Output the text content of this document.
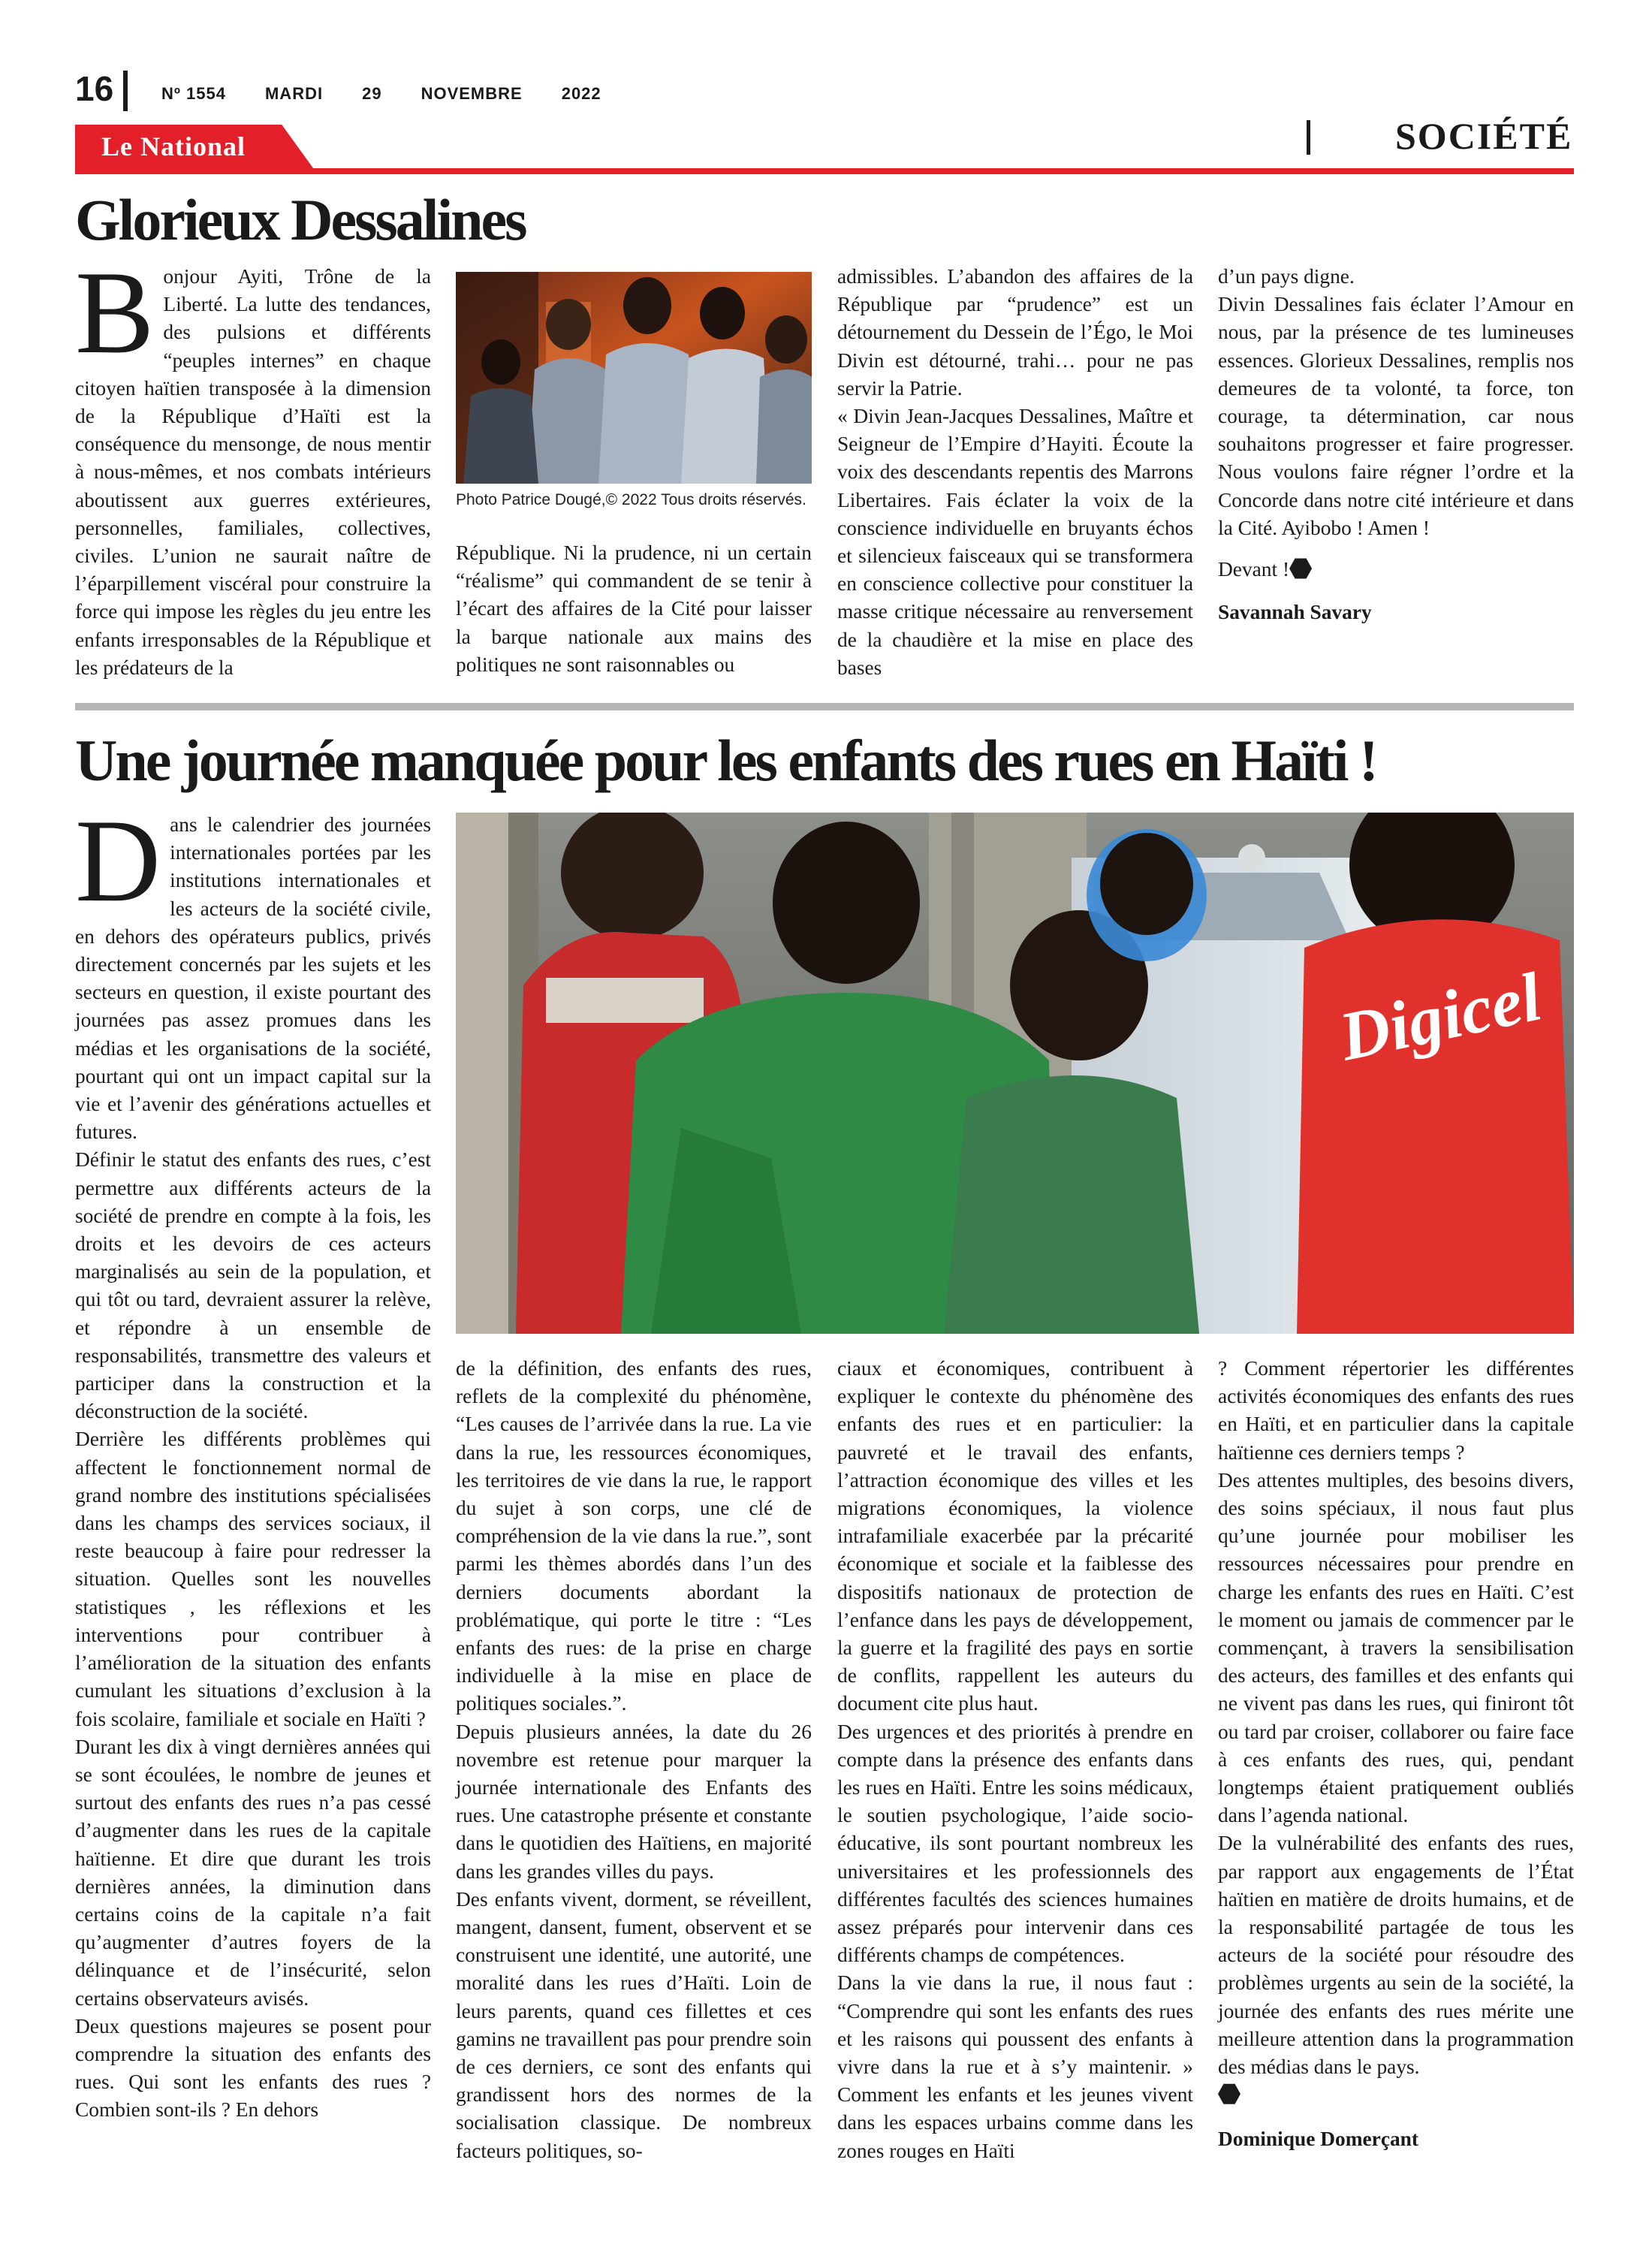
16	Nº 1554 MARDI 29 NOVEMBRE 2022
SOCIÉTÉ
Le National
Glorieux Dessalines

Bonjour Ayiti, Trône de la Liberté. La lutte des tendances, des pulsions et différents “peuples internes” en chaque citoyen haïtien transposée à la dimension de la République d’Haïti est la conséquence du mensonge, de nous mentir à nous-mêmes, et nos combats intérieurs aboutissent aux guerres extérieures, personnelles, familiales, collectives, civiles. L’union ne saurait naître de l’éparpillement viscéral pour construire la force qui impose les règles du jeu entre les enfants irresponsables de la République et les prédateurs de la

Photo Patrice Dougé,© 2022 Tous droits réservés.

République. Ni la prudence, ni un certain “réalisme” qui commandent de se tenir à l’écart des affaires de la Cité pour laisser la barque nationale aux mains des politiques ne sont raisonnables ou

admissibles. L’abandon des affaires de la République par “prudence” est un détournement du Dessein de l’Égo, le Moi Divin est détourné, trahi… pour ne pas servir la Patrie.

« Divin Jean-Jacques Dessalines, Maître et Seigneur de l’Empire d’Hayiti. Écoute la voix des descendants repentis des Marrons Libertaires. Fais éclater la voix de la conscience individuelle en bruyants échos et silencieux faisceaux qui se transformera en conscience collective pour constituer la masse critique nécessaire au renversement de la chaudière et la mise en place des bases

d’un pays digne.

Divin Dessalines fais éclater l’Amour en nous, par la présence de tes lumineuses essences. Glorieux Dessalines, remplis nos demeures de ta volonté, ta force, ton courage, ta détermination, car nous souhaitons progresser et faire progresser. Nous voulons faire régner l’ordre et la Concorde dans notre cité intérieure et dans la Cité. Ayibobo ! Amen !

Devant !

Savannah Savary

Une journée manquée pour les enfants des rues en Haïti !
Digicel

Dans le calendrier des journées internationales portées par les institutions internationales et les acteurs de la société civile, en dehors des opérateurs publics, privés directement concernés par les sujets et les secteurs en question, il existe pourtant des journées pas assez promues dans les médias et les organisations de la société, pourtant qui ont un impact capital sur la vie et l’avenir des générations actuelles et futures.

Définir le statut des enfants des rues, c’est permettre aux différents acteurs de la société de prendre en compte à la fois, les droits et les devoirs de ces acteurs marginalisés au sein de la population, et qui tôt ou tard, devraient assurer la relève, et répondre à un ensemble de responsabilités, transmettre des valeurs et participer dans la construction et la déconstruction de la société.

Derrière les différents problèmes qui affectent le fonctionnement normal de grand nombre des institutions spécialisées dans les champs des services sociaux, il reste beaucoup à faire pour redresser la situation. Quelles sont les nouvelles statistiques , les réflexions et les interventions pour contribuer à l’amélioration de la situation des enfants cumulant les situations d’exclusion à la fois scolaire, familiale et sociale en Haïti ?

Durant les dix à vingt dernières années qui se sont écoulées, le nombre de jeunes et surtout des enfants des rues n’a pas cessé d’augmenter dans les rues de la capitale haïtienne. Et dire que durant les trois dernières années, la diminution dans certains coins de la capitale n’a fait qu’augmenter d’autres foyers de la délinquance et de l’insécurité, selon certains observateurs avisés.

Deux questions majeures se posent pour comprendre la situation des enfants des rues. Qui sont les enfants des rues ? Combien sont-ils ? En dehors

de la définition, des enfants des rues, reflets de la complexité du phénomène, “Les causes de l’arrivée dans la rue. La vie dans la rue, les ressources économiques, les territoires de vie dans la rue, le rapport du sujet à son corps, une clé de compréhension de la vie dans la rue.”, sont parmi les thèmes abordés dans l’un des derniers documents abordant la problématique, qui porte le titre : “Les enfants des rues: de la prise en charge individuelle à la mise en place de politiques sociales.”.

Depuis plusieurs années, la date du 26 novembre est retenue pour marquer la journée internationale des Enfants des rues. Une catastrophe présente et constante dans le quotidien des Haïtiens, en majorité dans les grandes villes du pays.

Des enfants vivent, dorment, se réveillent, mangent, dansent, fument, observent et se construisent une identité, une autorité, une moralité dans les rues d’Haïti. Loin de leurs parents, quand ces fillettes et ces gamins ne travaillent pas pour prendre soin de ces derniers, ce sont des enfants qui grandissent hors des normes de la socialisation classique. De nombreux facteurs politiques, so-

ciaux et économiques, contribuent à expliquer le contexte du phénomène des enfants des rues et en particulier: la pauvreté et le travail des enfants, l’attraction économique des villes et les migrations économiques, la violence intrafamiliale exacerbée par la précarité économique et sociale et la faiblesse des dispositifs nationaux de protection de l’enfance dans les pays de développement, la guerre et la fragilité des pays en sortie de conflits, rappellent les auteurs du document cite plus haut.

Des urgences et des priorités à prendre en compte dans la présence des enfants dans les rues en Haïti. Entre les soins médicaux, le soutien psychologique, l’aide socio-éducative, ils sont pourtant nombreux les universitaires et les professionnels des différentes facultés des sciences humaines assez préparés pour intervenir dans ces différents champs de compétences.

Dans la vie dans la rue, il nous faut : “Comprendre qui sont les enfants des rues et les raisons qui poussent des enfants à vivre dans la rue et à s’y maintenir. » Comment les enfants et les jeunes vivent dans les espaces urbains comme dans les zones rouges en Haïti

? Comment répertorier les différentes activités économiques des enfants des rues en Haïti, et en particulier dans la capitale haïtienne ces derniers temps ?

Des attentes multiples, des besoins divers, des soins spéciaux, il nous faut plus qu’une journée pour mobiliser les ressources nécessaires pour prendre en charge les enfants des rues en Haïti. C’est le moment ou jamais de commencer par le commençant, à travers la sensibilisation des acteurs, des familles et des enfants qui ne vivent pas dans les rues, qui finiront tôt ou tard par croiser, collaborer ou faire face à ces enfants des rues, qui, pendant longtemps étaient pratiquement oubliés dans l’agenda national.

De la vulnérabilité des enfants des rues, par rapport aux engagements de l’État haïtien en matière de droits humains, et de la responsabilité partagée de tous les acteurs de la société pour résoudre des problèmes urgents au sein de la société, la journée des enfants des rues mérite une meilleure attention dans la programmation des médias dans le pays.

Dominique Domerçant
